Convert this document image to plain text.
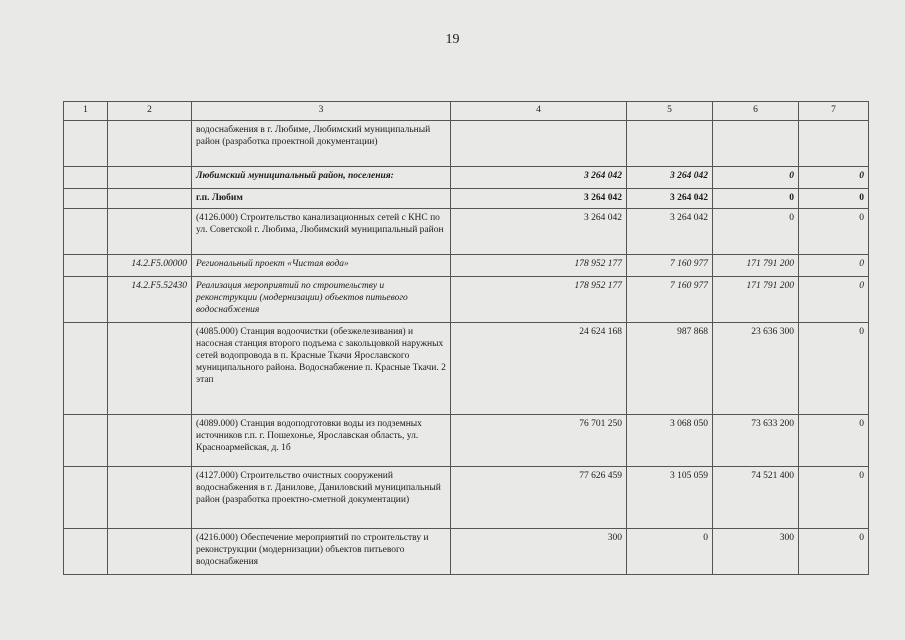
19
1	2	3	4	5	6	7
		водоснабжения в г. Любиме, Любимский муниципальный район (разработка проектной документации)				
		Любимский муниципальный район, поселения:	3 264 042	3 264 042	0	0
		г.п. Любим	3 264 042	3 264 042	0	0
		(4126.000) Строительство канализационных сетей с КНС по ул. Советской г. Любима, Любимский муниципальный район	3 264 042	3 264 042	0	0
	14.2.F5.00000	Региональный проект «Чистая вода»	178 952 177	7 160 977	171 791 200	0
	14.2.F5.52430	Реализация мероприятий по строительству и реконструкции (модернизации) объектов питьевого водоснабжения	178 952 177	7 160 977	171 791 200	0
		(4085.000) Станция водоочистки (обезжелезивания) и насосная станция второго подъема с закольцовкой наружных сетей водопровода в п. Красные Ткачи Ярославского муниципального района. Водоснабжение п. Красные Ткачи. 2 этап	24 624 168	987 868	23 636 300	0
		(4089.000) Станция водоподготовки воды из подземных источников г.п. г. Пошехонье, Ярославская область, ул. Красноармейская, д. 1б	76 701 250	3 068 050	73 633 200	0
		(4127.000) Строительство очистных сооружений водоснабжения в г. Данилове, Даниловский муниципальный район (разработка проектно-сметной документации)	77 626 459	3 105 059	74 521 400	0
		(4216.000) Обеспечение мероприятий по строительству и реконструкции (модернизации) объектов питьевого водоснабжения	300	0	300	0
